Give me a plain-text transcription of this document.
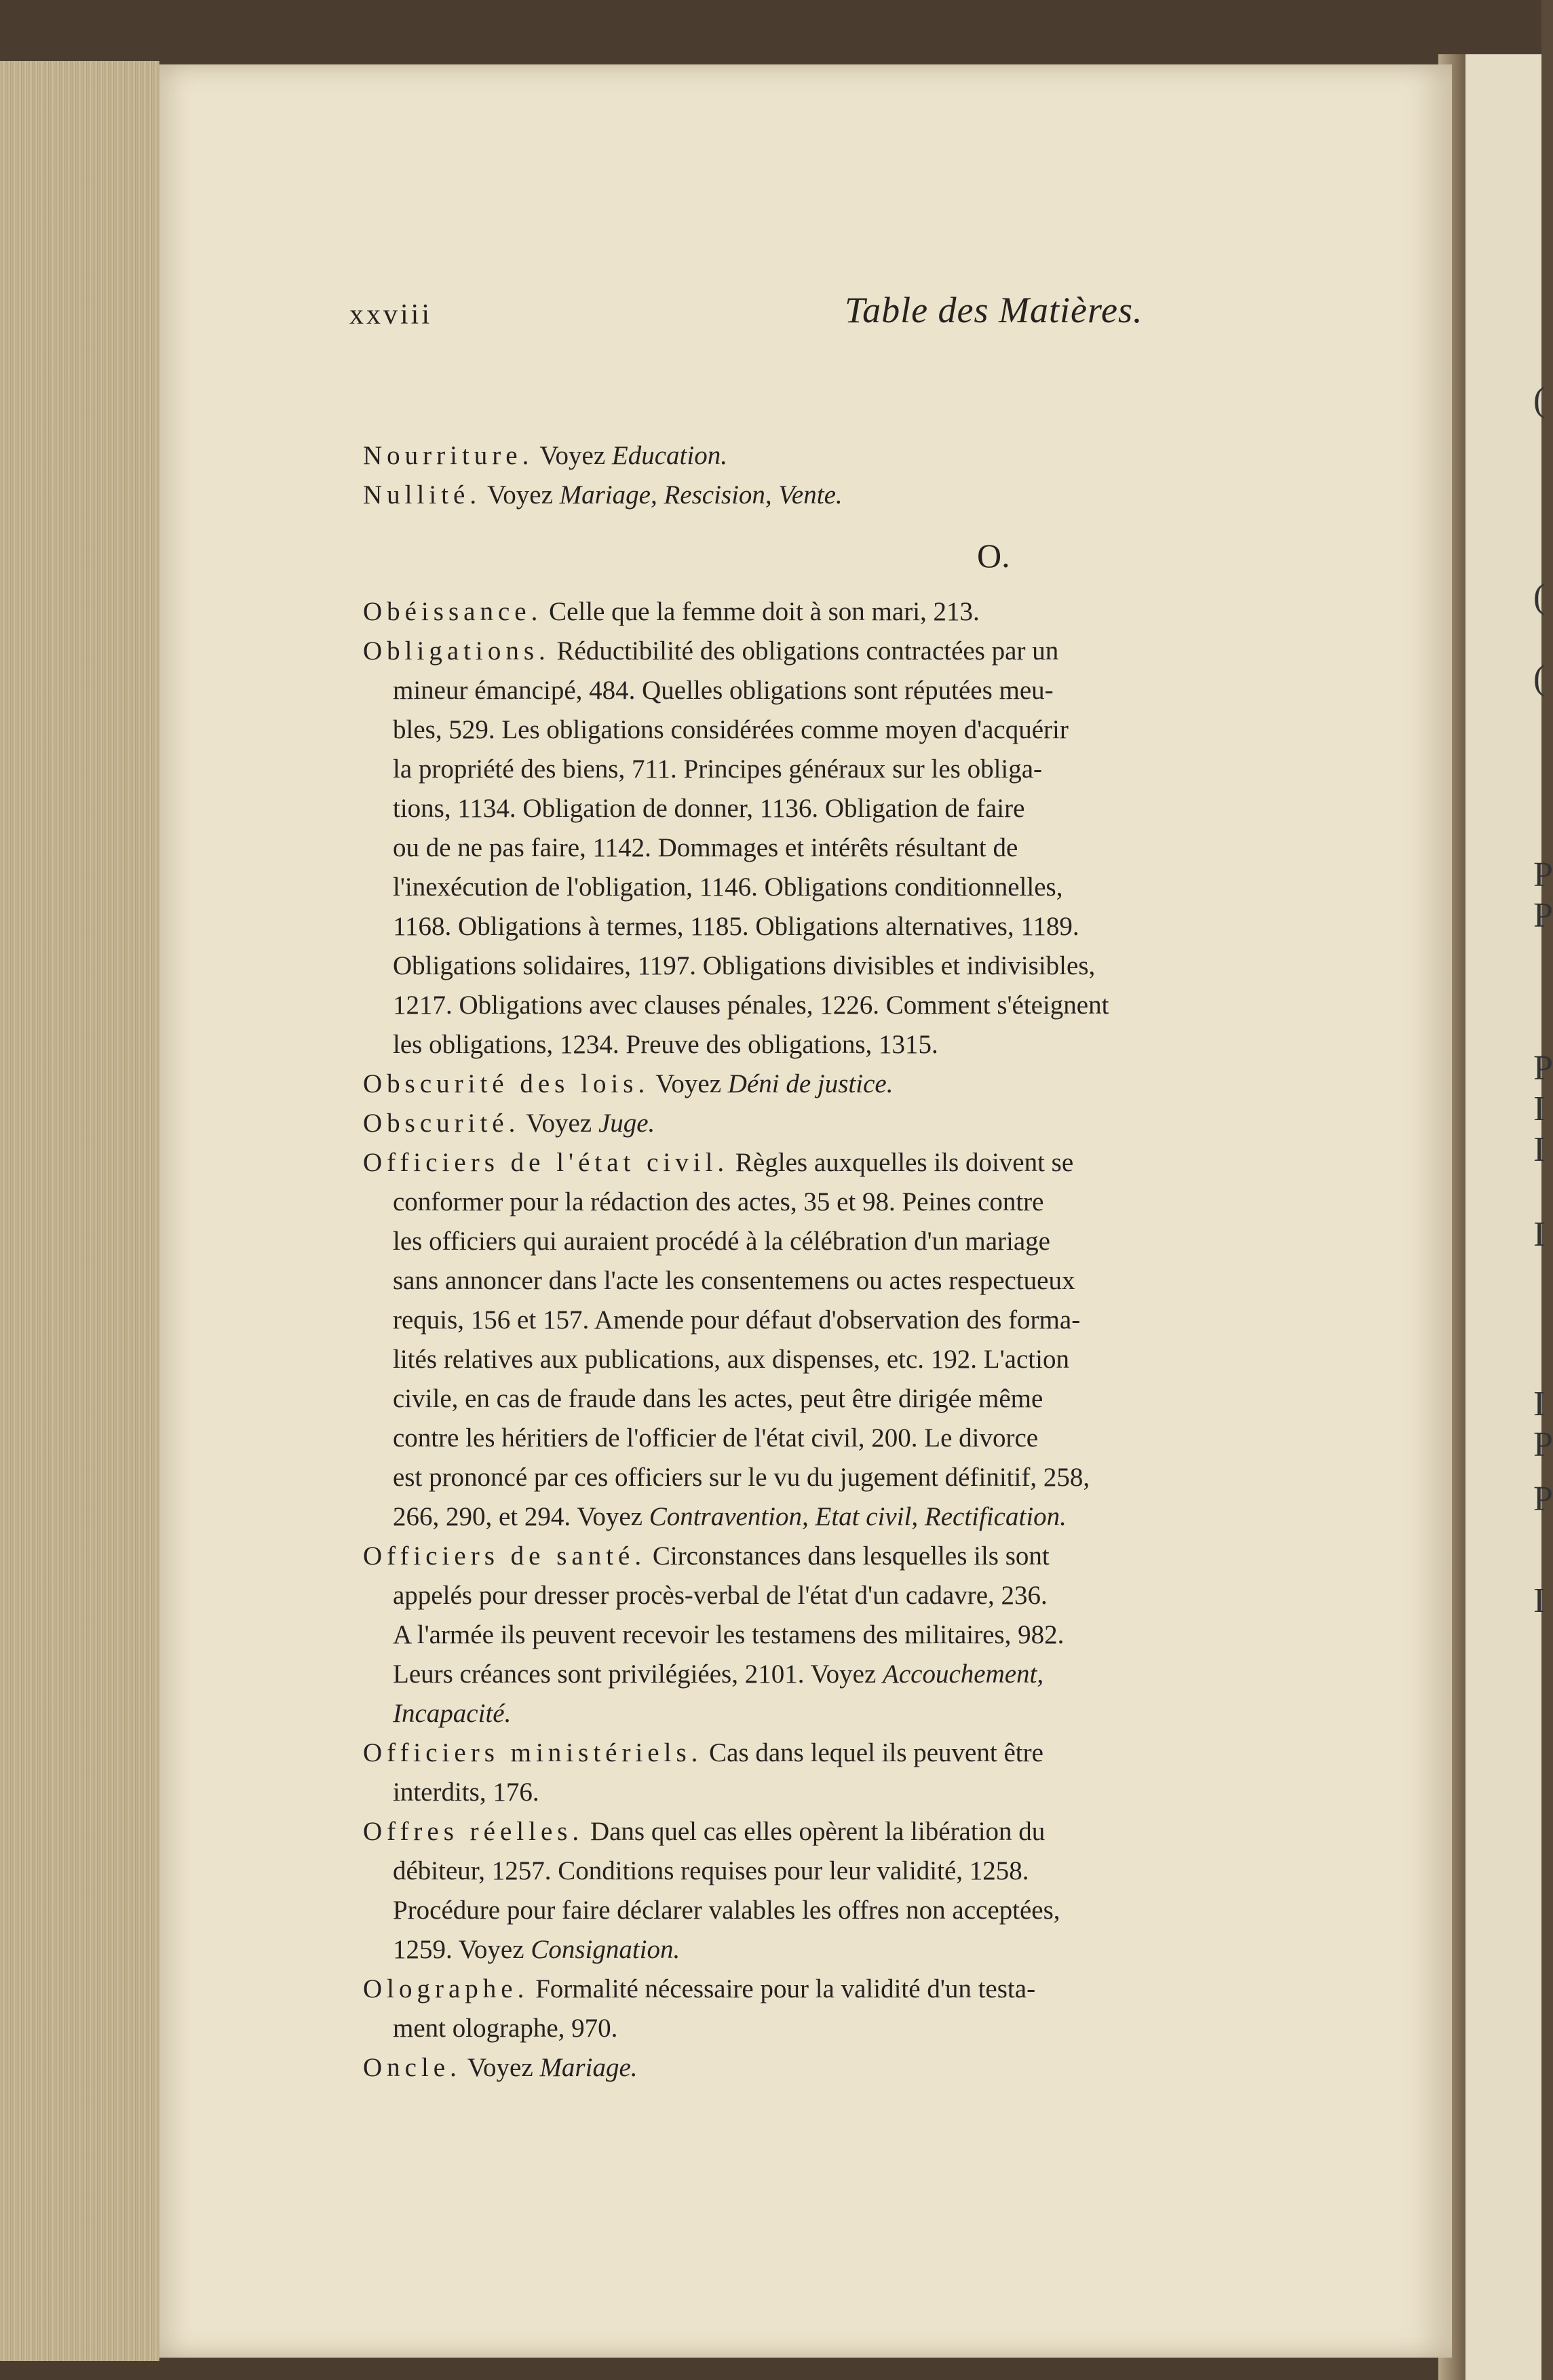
(
(
(
P
P
P
I
I
I
I
P
P
I
xxviii	Table des Matières.
Nourriture. Voyez Education.
Nullité. Voyez Mariage, Rescision, Vente.
O.
Obéissance. Celle que la femme doit à son mari, 213.
Obligations. Réductibilité des obligations contractées par un
mineur émancipé, 484. Quelles obligations sont réputées meu-
bles, 529. Les obligations considérées comme moyen d'acquérir
la propriété des biens, 711. Principes généraux sur les obliga-
tions, 1134. Obligation de donner, 1136. Obligation de faire
ou de ne pas faire, 1142. Dommages et intérêts résultant de
l'inexécution de l'obligation, 1146. Obligations conditionnelles,
1168. Obligations à termes, 1185. Obligations alternatives, 1189.
Obligations solidaires, 1197. Obligations divisibles et indivisibles,
1217. Obligations avec clauses pénales, 1226. Comment s'éteignent
les obligations, 1234. Preuve des obligations, 1315.
Obscurité des lois. Voyez Déni de justice.
Obscurité. Voyez Juge.
Officiers de l'état civil. Règles auxquelles ils doivent se
conformer pour la rédaction des actes, 35 et 98. Peines contre
les officiers qui auraient procédé à la célébration d'un mariage
sans annoncer dans l'acte les consentemens ou actes respectueux
requis, 156 et 157. Amende pour défaut d'observation des forma-
lités relatives aux publications, aux dispenses, etc. 192. L'action
civile, en cas de fraude dans les actes, peut être dirigée même
contre les héritiers de l'officier de l'état civil, 200. Le divorce
est prononcé par ces officiers sur le vu du jugement définitif, 258,
266, 290, et 294. Voyez Contravention, Etat civil, Rectification.
Officiers de santé. Circonstances dans lesquelles ils sont
appelés pour dresser procès-verbal de l'état d'un cadavre, 236.
A l'armée ils peuvent recevoir les testamens des militaires, 982.
Leurs créances sont privilégiées, 2101. Voyez Accouchement,
Incapacité.
Officiers ministériels. Cas dans lequel ils peuvent être
interdits, 176.
Offres réelles. Dans quel cas elles opèrent la libération du
débiteur, 1257. Conditions requises pour leur validité, 1258.
Procédure pour faire déclarer valables les offres non acceptées,
1259. Voyez Consignation.
Olographe. Formalité nécessaire pour la validité d'un testa-
ment olographe, 970.
Oncle. Voyez Mariage.
